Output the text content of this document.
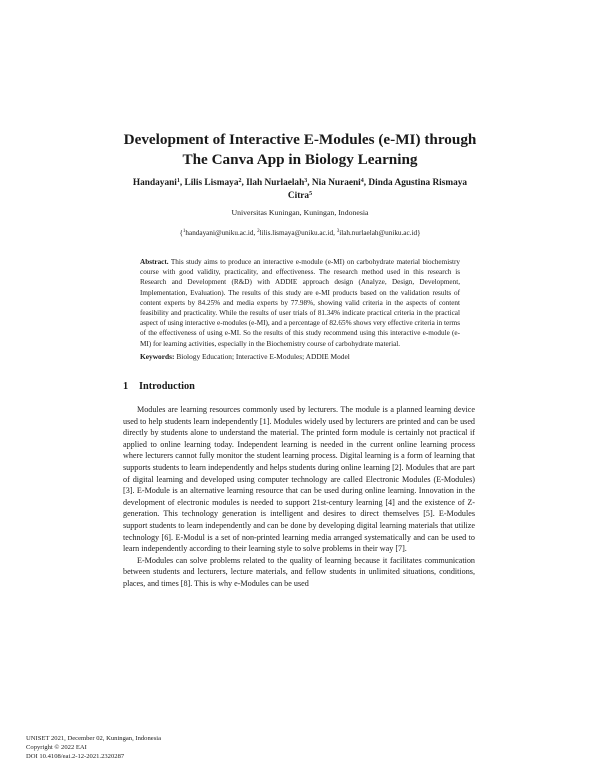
Development of Interactive E-Modules (e-MI) through
The Canva App in Biology Learning
Handayani$^1$, Lilis Lismaya$^2$, Ilah Nurlaelah$^3$, Nia Nuraeni$^4$, Dinda Agustina Rismaya
Citra$^5$
Universitas Kuningan, Kuningan, Indonesia
{$^1$handayani@uniku.ac.id, $^2$lilis.lismaya@uniku.ac.id, $^3$ilah.nurlaelah@uniku.ac.id}
Abstract. This study aims to produce an interactive e-module (e-MI) on carbohydrate material biochemistry course with good validity, practicality, and effectiveness. The research method used in this research is Research and Development (R&D) with ADDIE approach design (Analyze, Design, Development, Implementation, Evaluation). The results of this study are e-MI products based on the validation results of content experts by 84.25% and media experts by 77.98%, showing valid criteria in the aspects of content feasibility and practicality. While the results of user trials of 81.34% indicate practical criteria in the practical aspect of using interactive e-modules (e-MI), and a percentage of 82.65% shows very effective criteria in terms of the effectiveness of using e-MI. So the results of this study recommend using this interactive e-module (e-MI) for learning activities, especially in the Biochemistry course of carbohydrate material.
Keywords: Biology Education; Interactive E-Modules; ADDIE Model
1 Introduction

Modules are learning resources commonly used by lecturers. The module is a planned learning device used to help students learn independently [1]. Modules widely used by lecturers are printed and can be used directly by students alone to understand the material. The printed form module is certainly not practical if applied to online learning today. Independent learning is needed in the current online learning process where lecturers cannot fully monitor the student learning process. Digital learning is a form of learning that supports students to learn independently and helps students during online learning [2]. Modules that are part of digital learning and developed using computer technology are called Electronic Modules (E-Modules) [3]. E-Module is an alternative learning resource that can be used during online learning. Innovation in the development of electronic modules is needed to support 21st-century learning [4] and the existence of Z-generation. This technology generation is intelligent and desires to direct themselves [5]. E-Modules support students to learn independently and can be done by developing digital learning materials that utilize technology [6]. E-Modul is a set of non-printed learning media arranged systematically and can be used to learn independently according to their learning style to solve problems in their way [7].

E-Modules can solve problems related to the quality of learning because it facilitates communication between students and lecturers, lecture materials, and fellow students in unlimited situations, conditions, places, and times [8]. This is why e-Modules can be used

UNISET 2021, December 02, Kuningan, Indonesia
Copyright © 2022 EAI
DOI 10.4108/eai.2-12-2021.2320287
